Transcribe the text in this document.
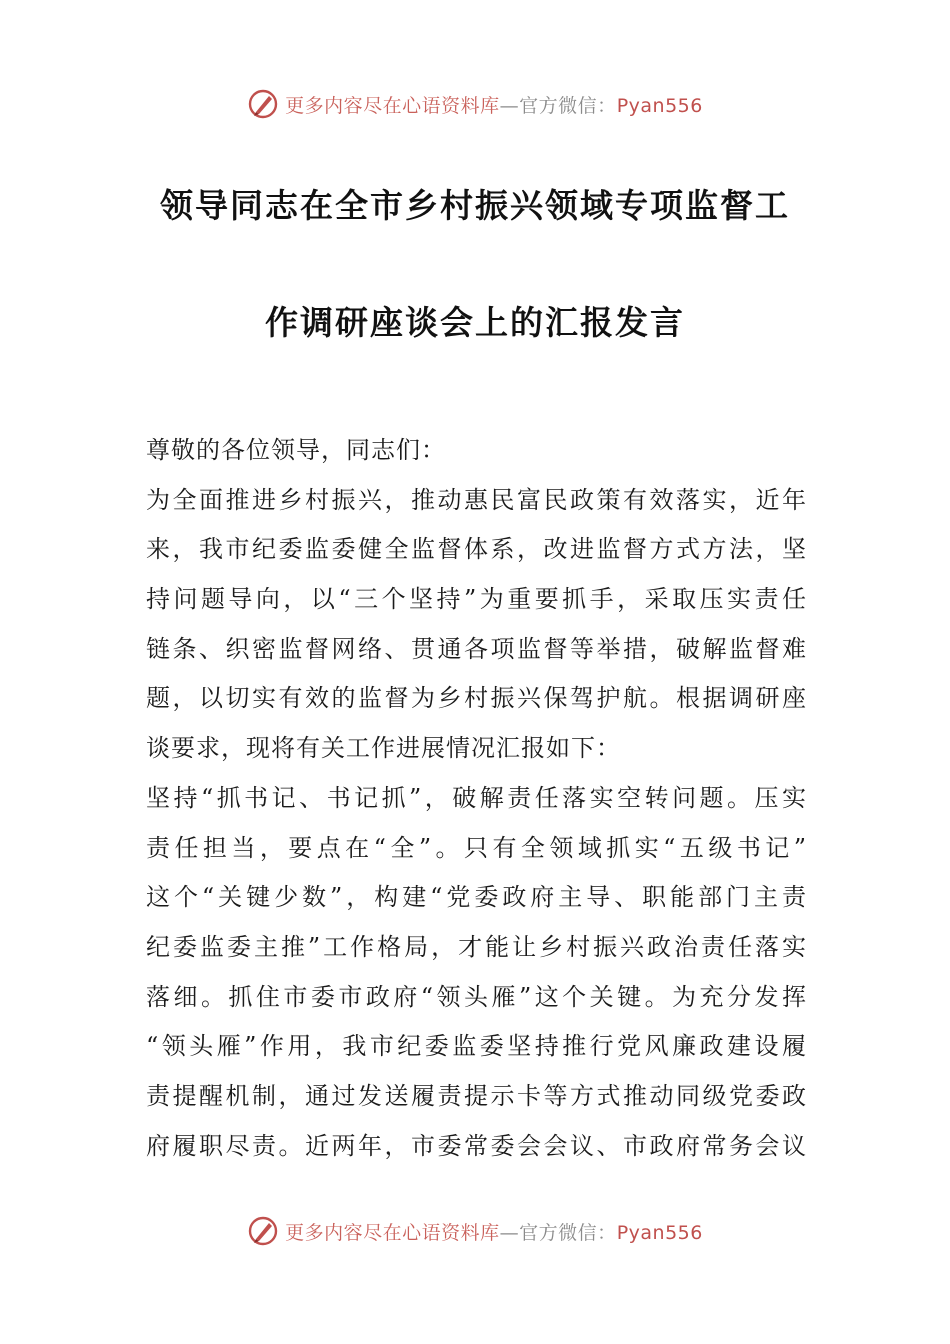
更多内容尽在心语资料库—官方微信：Pyan556
领导同志在全市乡村振兴领域专项监督工
作调研座谈会上的汇报发言
尊敬的各位领导，同志们：
为全面推进乡村振兴，推动惠民富民政策有效落实，近年
来，我市纪委监委健全监督体系，改进监督方式方法，坚
持问题导向，以“三个坚持”为重要抓手，采取压实责任
链条、织密监督网络、贯通各项监督等举措，破解监督难
题，以切实有效的监督为乡村振兴保驾护航。根据调研座
谈要求，现将有关工作进展情况汇报如下：
坚持“抓书记、书记抓”，破解责任落实空转问题。压实
责任担当，要点在“全”。只有全领域抓实“五级书记”
这个“关键少数”，构建“党委政府主导、职能部门主责
纪委监委主推”工作格局，才能让乡村振兴政治责任落实
落细。抓住市委市政府“领头雁”这个关键。为充分发挥
“领头雁”作用，我市纪委监委坚持推行党风廉政建设履
责提醒机制，通过发送履责提示卡等方式推动同级党委政
府履职尽责。近两年，市委常委会会议、市政府常务会议
更多内容尽在心语资料库—官方微信：Pyan556
